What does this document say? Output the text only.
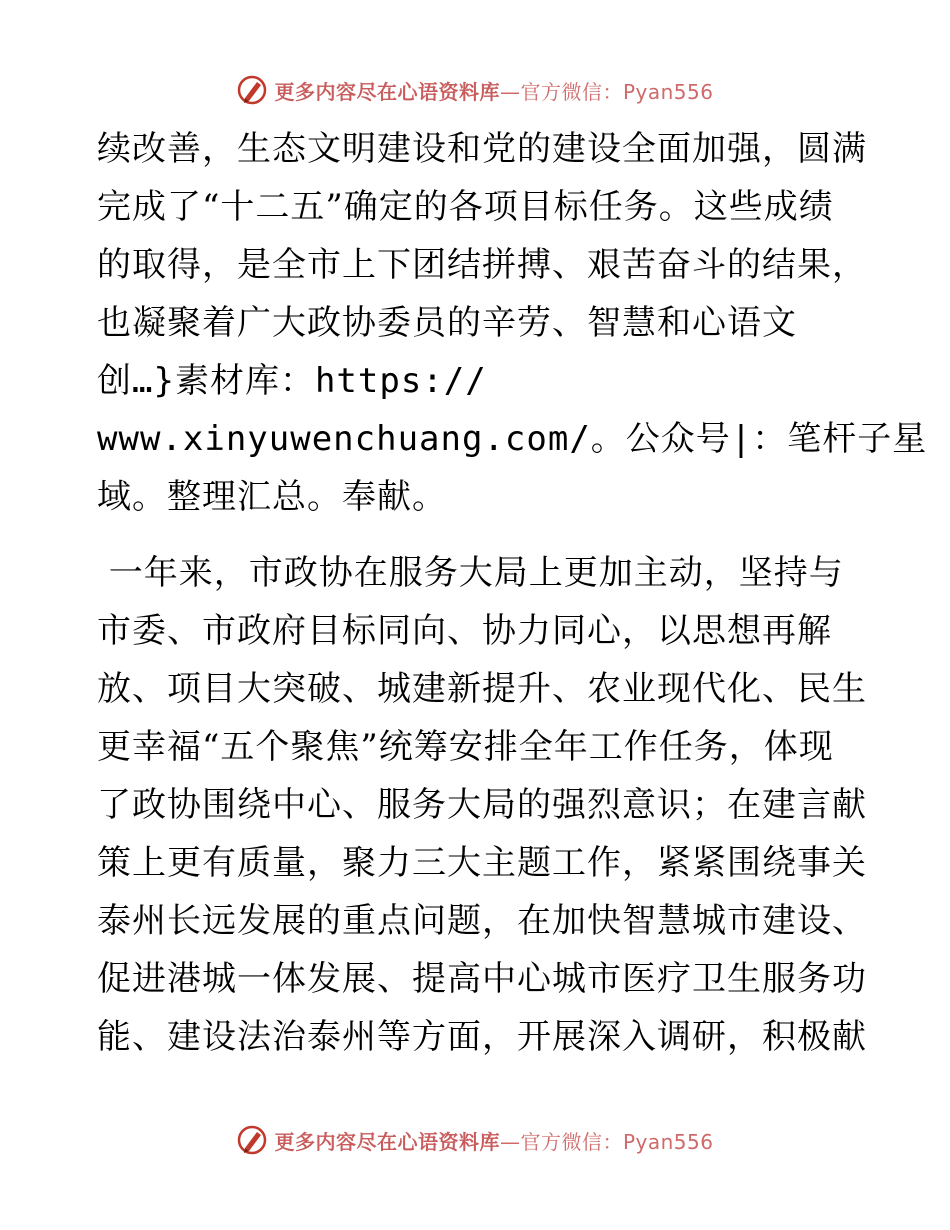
更多内容尽在心语资料库—官方微信：Pyan556
续改善，生态文明建设和党的建设全面加强，圆满
完成了“十二五”确定的各项目标任务。这些成绩
的取得，是全市上下团结拼搏、艰苦奋斗的结果，
也凝聚着广大政协委员的辛劳、智慧和心语文
创…}素材库：https://
www.xinyuwenchuang.com/。公众号|：笔杆子星
域。整理汇总。奉献。
一年来，市政协在服务大局上更加主动，坚持与
市委、市政府目标同向、协力同心，以思想再解
放、项目大突破、城建新提升、农业现代化、民生
更幸福“五个聚焦”统筹安排全年工作任务，体现
了政协围绕中心、服务大局的强烈意识；在建言献
策上更有质量，聚力三大主题工作，紧紧围绕事关
泰州长远发展的重点问题，在加快智慧城市建设、
促进港城一体发展、提高中心城市医疗卫生服务功
能、建设法治泰州等方面，开展深入调研，积极献
更多内容尽在心语资料库—官方微信：Pyan556
